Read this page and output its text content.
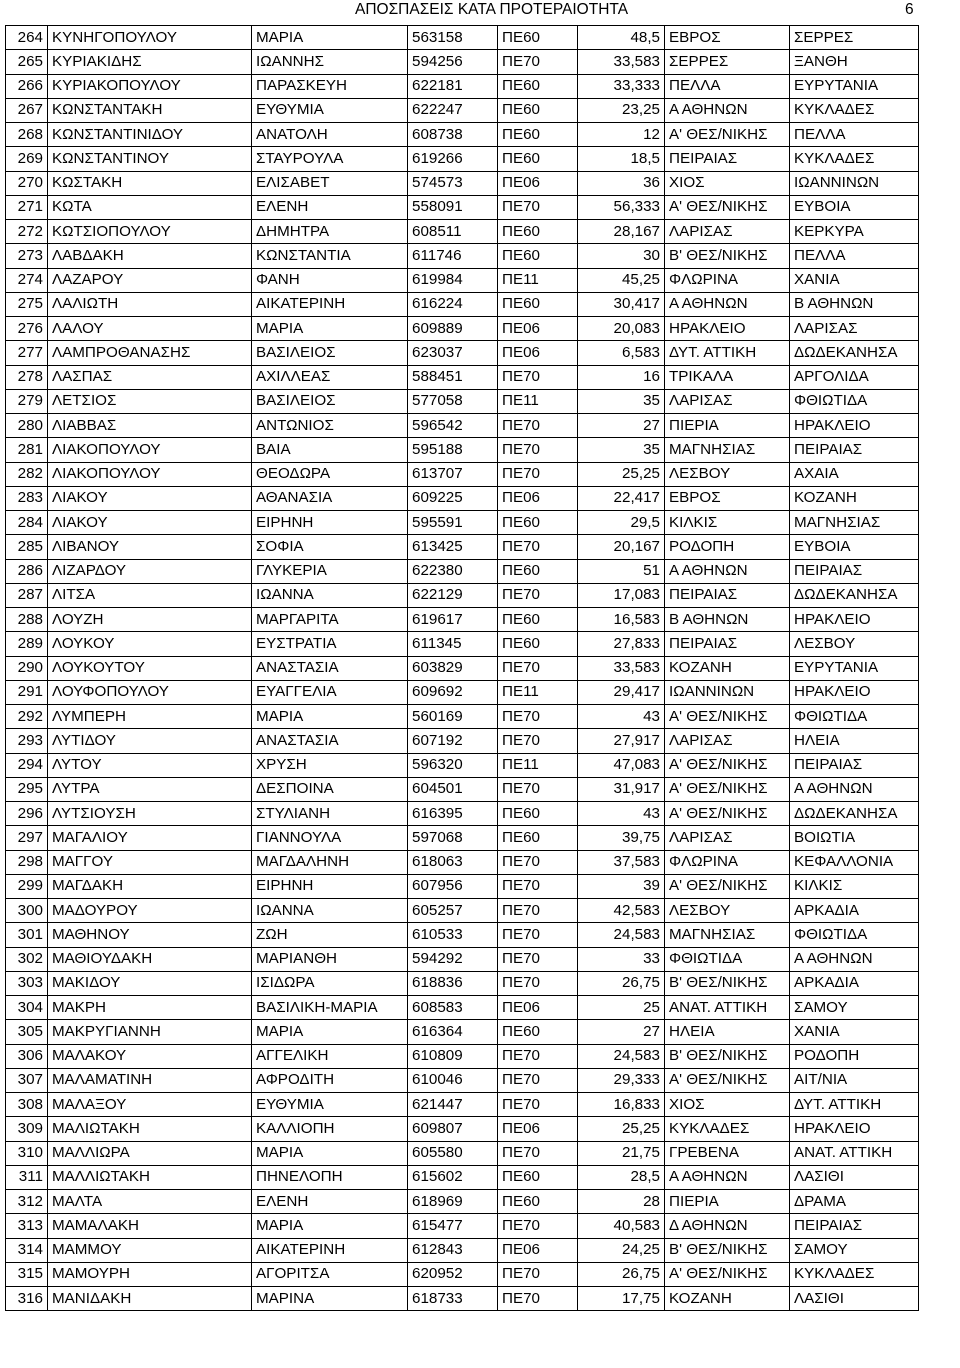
ΑΠΟΣΠΑΣΕΙΣ ΚΑΤΑ ΠΡΟΤΕΡΑΙΟΤΗΤΑ	6
264	ΚΥΝΗΓΟΠΟΥΛΟΥ	ΜΑΡΙΑ	563158	ΠΕ60	48,5	ΕΒΡΟΣ	ΣΕΡΡΕΣ
265	ΚΥΡΙΑΚΙΔΗΣ	ΙΩΑΝΝΗΣ	594256	ΠΕ70	33,583	ΣΕΡΡΕΣ	ΞΑΝΘΗ
266	ΚΥΡΙΑΚΟΠΟΥΛΟΥ	ΠΑΡΑΣΚΕΥΗ	622181	ΠΕ60	33,333	ΠΕΛΛΑ	ΕΥΡΥΤΑΝΙΑ
267	ΚΩΝΣΤΑΝΤΑΚΗ	ΕΥΘΥΜΙΑ	622247	ΠΕ60	23,25	Α ΑΘΗΝΩΝ	ΚΥΚΛΑΔΕΣ
268	ΚΩΝΣΤΑΝΤΙΝΙΔΟΥ	ΑΝΑΤΟΛΗ	608738	ΠΕ60	12	Α' ΘΕΣ/ΝΙΚΗΣ	ΠΕΛΛΑ
269	ΚΩΝΣΤΑΝΤΙΝΟΥ	ΣΤΑΥΡΟΥΛΑ	619266	ΠΕ60	18,5	ΠΕΙΡΑΙΑΣ	ΚΥΚΛΑΔΕΣ
270	ΚΩΣΤΑΚΗ	ΕΛΙΣΑΒΕΤ	574573	ΠΕ06	36	ΧΙΟΣ	ΙΩΑΝΝΙΝΩΝ
271	ΚΩΤΑ	ΕΛΕΝΗ	558091	ΠΕ70	56,333	Α' ΘΕΣ/ΝΙΚΗΣ	ΕΥΒΟΙΑ
272	ΚΩΤΣΙΟΠΟΥΛΟΥ	ΔΗΜΗΤΡΑ	608511	ΠΕ60	28,167	ΛΑΡΙΣΑΣ	ΚΕΡΚΥΡΑ
273	ΛΑΒΔΑΚΗ	ΚΩΝΣΤΑΝΤΙΑ	611746	ΠΕ60	30	Β' ΘΕΣ/ΝΙΚΗΣ	ΠΕΛΛΑ
274	ΛΑΖΑΡΟΥ	ΦΑΝΗ	619984	ΠΕ11	45,25	ΦΛΩΡΙΝΑ	ΧΑΝΙΑ
275	ΛΑΛΙΩΤΗ	ΑΙΚΑΤΕΡΙΝΗ	616224	ΠΕ60	30,417	Α ΑΘΗΝΩΝ	Β ΑΘΗΝΩΝ
276	ΛΑΛΟΥ	ΜΑΡΙΑ	609889	ΠΕ06	20,083	ΗΡΑΚΛΕΙΟ	ΛΑΡΙΣΑΣ
277	ΛΑΜΠΡΟΘΑΝΑΣΗΣ	ΒΑΣΙΛΕΙΟΣ	623037	ΠΕ06	6,583	ΔΥΤ. ΑΤΤΙΚΗ	ΔΩΔΕΚΑΝΗΣΑ
278	ΛΑΣΠΑΣ	ΑΧΙΛΛΕΑΣ	588451	ΠΕ70	16	ΤΡΙΚΑΛΑ	ΑΡΓΟΛΙΔΑ
279	ΛΕΤΣΙΟΣ	ΒΑΣΙΛΕΙΟΣ	577058	ΠΕ11	35	ΛΑΡΙΣΑΣ	ΦΘΙΩΤΙΔΑ
280	ΛΙΑΒΒΑΣ	ΑΝΤΩΝΙΟΣ	596542	ΠΕ70	27	ΠΙΕΡΙΑ	ΗΡΑΚΛΕΙΟ
281	ΛΙΑΚΟΠΟΥΛΟΥ	ΒΑΙΑ	595188	ΠΕ70	35	ΜΑΓΝΗΣΙΑΣ	ΠΕΙΡΑΙΑΣ
282	ΛΙΑΚΟΠΟΥΛΟΥ	ΘΕΟΔΩΡΑ	613707	ΠΕ70	25,25	ΛΕΣΒΟΥ	ΑΧΑΙΑ
283	ΛΙΑΚΟΥ	ΑΘΑΝΑΣΙΑ	609225	ΠΕ06	22,417	ΕΒΡΟΣ	ΚΟΖΑΝΗ
284	ΛΙΑΚΟΥ	ΕΙΡΗΝΗ	595591	ΠΕ60	29,5	ΚΙΛΚΙΣ	ΜΑΓΝΗΣΙΑΣ
285	ΛΙΒΑΝΟΥ	ΣΟΦΙΑ	613425	ΠΕ70	20,167	ΡΟΔΟΠΗ	ΕΥΒΟΙΑ
286	ΛΙΖΑΡΔΟΥ	ΓΛΥΚΕΡΙΑ	622380	ΠΕ60	51	Α ΑΘΗΝΩΝ	ΠΕΙΡΑΙΑΣ
287	ΛΙΤΣΑ	ΙΩΑΝΝΑ	622129	ΠΕ70	17,083	ΠΕΙΡΑΙΑΣ	ΔΩΔΕΚΑΝΗΣΑ
288	ΛΟΥΖΗ	ΜΑΡΓΑΡΙΤΑ	619617	ΠΕ60	16,583	Β ΑΘΗΝΩΝ	ΗΡΑΚΛΕΙΟ
289	ΛΟΥΚΟΥ	ΕΥΣΤΡΑΤΙΑ	611345	ΠΕ60	27,833	ΠΕΙΡΑΙΑΣ	ΛΕΣΒΟΥ
290	ΛΟΥΚΟΥΤΟΥ	ΑΝΑΣΤΑΣΙΑ	603829	ΠΕ70	33,583	ΚΟΖΑΝΗ	ΕΥΡΥΤΑΝΙΑ
291	ΛΟΥΦΟΠΟΥΛΟΥ	ΕΥΑΓΓΕΛΙΑ	609692	ΠΕ11	29,417	ΙΩΑΝΝΙΝΩΝ	ΗΡΑΚΛΕΙΟ
292	ΛΥΜΠΕΡΗ	ΜΑΡΙΑ	560169	ΠΕ70	43	Α' ΘΕΣ/ΝΙΚΗΣ	ΦΘΙΩΤΙΔΑ
293	ΛΥΤΙΔΟΥ	ΑΝΑΣΤΑΣΙΑ	607192	ΠΕ70	27,917	ΛΑΡΙΣΑΣ	ΗΛΕΙΑ
294	ΛΥΤΟΥ	ΧΡΥΣΗ	596320	ΠΕ11	47,083	Α' ΘΕΣ/ΝΙΚΗΣ	ΠΕΙΡΑΙΑΣ
295	ΛΥΤΡΑ	ΔΕΣΠΟΙΝΑ	604501	ΠΕ70	31,917	Α' ΘΕΣ/ΝΙΚΗΣ	Α ΑΘΗΝΩΝ
296	ΛΥΤΣΙΟΥΣΗ	ΣΤΥΛΙΑΝΗ	616395	ΠΕ60	43	Α' ΘΕΣ/ΝΙΚΗΣ	ΔΩΔΕΚΑΝΗΣΑ
297	ΜΑΓΑΛΙΟΥ	ΓΙΑΝΝΟΥΛΑ	597068	ΠΕ60	39,75	ΛΑΡΙΣΑΣ	ΒΟΙΩΤΙΑ
298	ΜΑΓΓΟΥ	ΜΑΓΔΑΛΗΝΗ	618063	ΠΕ70	37,583	ΦΛΩΡΙΝΑ	ΚΕΦΑΛΛΟΝΙΑ
299	ΜΑΓΔΑΚΗ	ΕΙΡΗΝΗ	607956	ΠΕ70	39	Α' ΘΕΣ/ΝΙΚΗΣ	ΚΙΛΚΙΣ
300	ΜΑΔΟΥΡΟΥ	ΙΩΑΝΝΑ	605257	ΠΕ70	42,583	ΛΕΣΒΟΥ	ΑΡΚΑΔΙΑ
301	ΜΑΘΗΝΟΥ	ΖΩΗ	610533	ΠΕ70	24,583	ΜΑΓΝΗΣΙΑΣ	ΦΘΙΩΤΙΔΑ
302	ΜΑΘΙΟΥΔΑΚΗ	ΜΑΡΙΑΝΘΗ	594292	ΠΕ70	33	ΦΘΙΩΤΙΔΑ	Α ΑΘΗΝΩΝ
303	ΜΑΚΙΔΟΥ	ΙΣΙΔΩΡΑ	618836	ΠΕ70	26,75	Β' ΘΕΣ/ΝΙΚΗΣ	ΑΡΚΑΔΙΑ
304	ΜΑΚΡΗ	ΒΑΣΙΛΙΚΗ-ΜΑΡΙΑ	608583	ΠΕ06	25	ΑΝΑΤ. ΑΤΤΙΚΗ	ΣΑΜΟΥ
305	ΜΑΚΡΥΓΙΑΝΝΗ	ΜΑΡΙΑ	616364	ΠΕ60	27	ΗΛΕΙΑ	ΧΑΝΙΑ
306	ΜΑΛΑΚΟΥ	ΑΓΓΕΛΙΚΗ	610809	ΠΕ70	24,583	Β' ΘΕΣ/ΝΙΚΗΣ	ΡΟΔΟΠΗ
307	ΜΑΛΑΜΑΤΙΝΗ	ΑΦΡΟΔΙΤΗ	610046	ΠΕ70	29,333	Α' ΘΕΣ/ΝΙΚΗΣ	ΑΙΤ/ΝΙΑ
308	ΜΑΛΑΞΟΥ	ΕΥΘΥΜΙΑ	621447	ΠΕ70	16,833	ΧΙΟΣ	ΔΥΤ. ΑΤΤΙΚΗ
309	ΜΑΛΙΩΤΑΚΗ	ΚΑΛΛΙΟΠΗ	609807	ΠΕ06	25,25	ΚΥΚΛΑΔΕΣ	ΗΡΑΚΛΕΙΟ
310	ΜΑΛΛΙΩΡΑ	ΜΑΡΙΑ	605580	ΠΕ70	21,75	ΓΡΕΒΕΝΑ	ΑΝΑΤ. ΑΤΤΙΚΗ
311	ΜΑΛΛΙΩΤΑΚΗ	ΠΗΝΕΛΟΠΗ	615602	ΠΕ60	28,5	Α ΑΘΗΝΩΝ	ΛΑΣΙΘΙ
312	ΜΑΛΤΑ	ΕΛΕΝΗ	618969	ΠΕ60	28	ΠΙΕΡΙΑ	ΔΡΑΜΑ
313	ΜΑΜΑΛΑΚΗ	ΜΑΡΙΑ	615477	ΠΕ70	40,583	Δ ΑΘΗΝΩΝ	ΠΕΙΡΑΙΑΣ
314	ΜΑΜΜΟΥ	ΑΙΚΑΤΕΡΙΝΗ	612843	ΠΕ06	24,25	Β' ΘΕΣ/ΝΙΚΗΣ	ΣΑΜΟΥ
315	ΜΑΜΟΥΡΗ	ΑΓΟΡΙΤΣΑ	620952	ΠΕ70	26,75	Α' ΘΕΣ/ΝΙΚΗΣ	ΚΥΚΛΑΔΕΣ
316	ΜΑΝΙΔΑΚΗ	ΜΑΡΙΝΑ	618733	ΠΕ70	17,75	ΚΟΖΑΝΗ	ΛΑΣΙΘΙ
